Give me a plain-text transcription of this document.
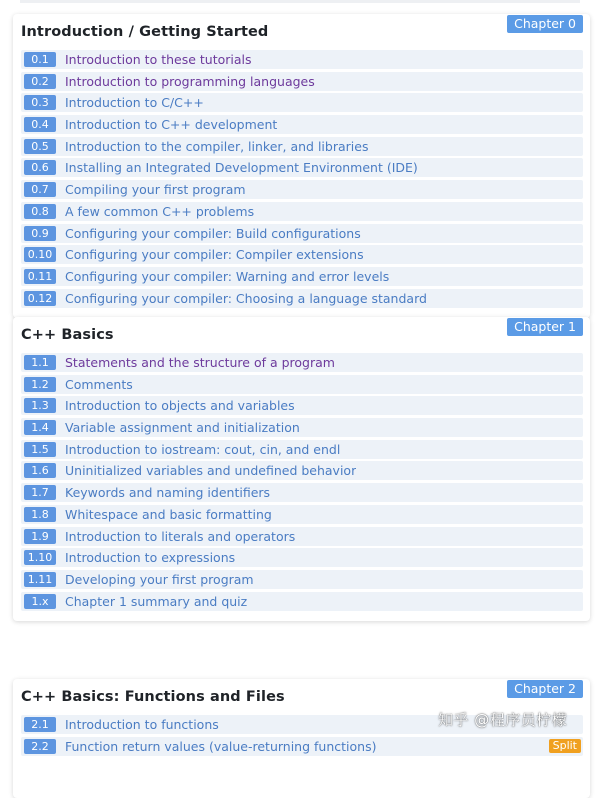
Introduction / Getting Started
Chapter 0
0.1	Introduction to these tutorials
0.2	Introduction to programming languages
0.3	Introduction to C/C++
0.4	Introduction to C++ development
0.5	Introduction to the compiler, linker, and libraries
0.6	Installing an Integrated Development Environment (IDE)
0.7	Compiling your first program
0.8	A few common C++ problems
0.9	Configuring your compiler: Build configurations
0.10	Configuring your compiler: Compiler extensions
0.11	Configuring your compiler: Warning and error levels
0.12	Configuring your compiler: Choosing a language standard
C++ Basics
Chapter 1
1.1	Statements and the structure of a program
1.2	Comments
1.3	Introduction to objects and variables
1.4	Variable assignment and initialization
1.5	Introduction to iostream: cout, cin, and endl
1.6	Uninitialized variables and undefined behavior
1.7	Keywords and naming identifiers
1.8	Whitespace and basic formatting
1.9	Introduction to literals and operators
1.10	Introduction to expressions
1.11	Developing your first program
1.x	Chapter 1 summary and quiz
C++ Basics: Functions and Files
Chapter 2
2.1	Introduction to functions
2.2	Function return values (value-returning functions)	Split
知乎 @程序员柠檬
